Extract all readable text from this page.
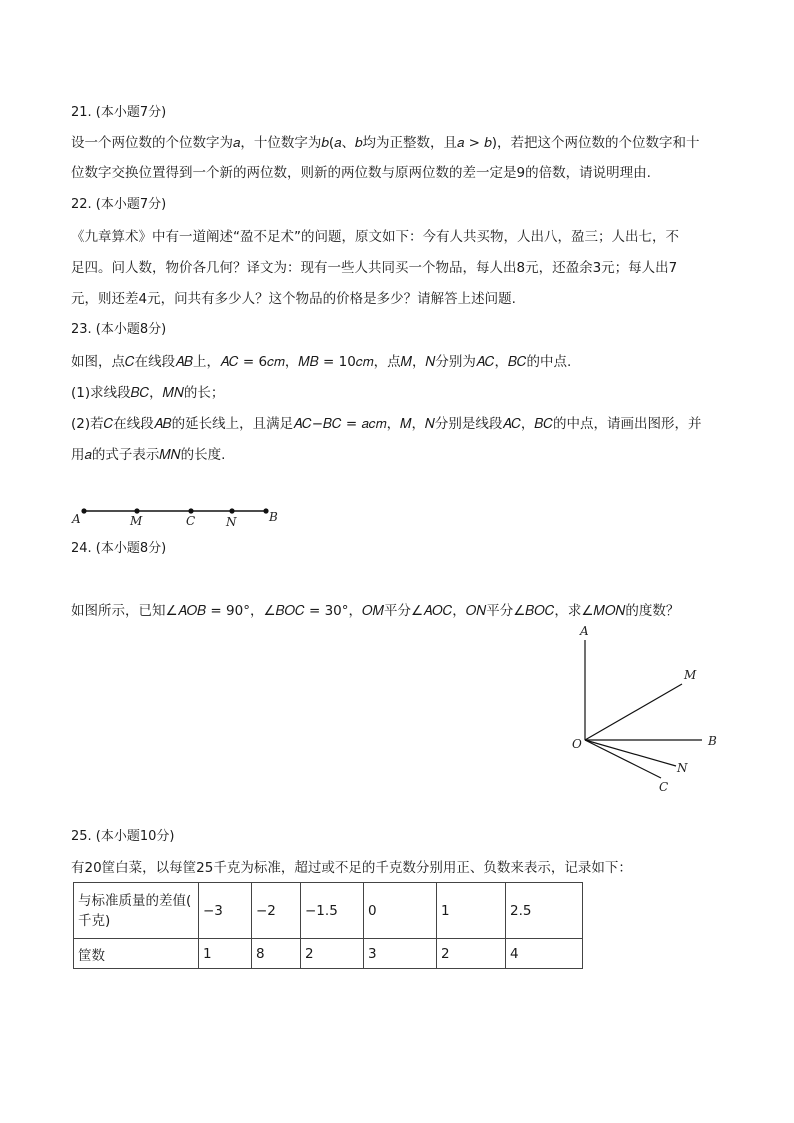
21. (本小题7分)
设一个两位数的个位数字为𝑎，十位数字为𝑏(𝑎、𝑏均为正整数，且𝑎 > 𝑏)，若把这个两位数的个位数字和十
位数字交换位置得到一个新的两位数，则新的两位数与原两位数的差一定是9的倍数，请说明理由.
22. (本小题7分)
《九章算术》中有一道阐述“盈不足术”的问题，原文如下：今有人共买物，人出八，盈三；人出七，不
足四。问人数，物价各几何？译文为：现有一些人共同买一个物品，每人出8元，还盈余3元；每人出7
元，则还差4元，问共有多少人？这个物品的价格是多少？请解答上述问题.
23. (本小题8分)
如图，点𝐶在线段𝐴𝐵上，𝐴𝐶 = 6𝑐𝑚，𝑀𝐵 = 10𝑐𝑚，点𝑀，𝑁分别为𝐴𝐶，𝐵𝐶的中点.
(1)求线段𝐵𝐶，𝑀𝑁的长；
(2)若𝐶在线段𝐴𝐵的延长线上，且满足𝐴𝐶−𝐵𝐶 = 𝑎𝑐𝑚，𝑀，𝑁分别是线段𝐴𝐶，𝐵𝐶的中点，请画出图形，并
用𝑎的式子表示𝑀𝑁的长度.
A	M	C	N	B
24. (本小题8分)
如图所示，已知∠𝐴𝑂𝐵 = 90°，∠𝐵𝑂𝐶 = 30°，𝑂𝑀平分∠𝐴𝑂𝐶，𝑂𝑁平分∠𝐵𝑂𝐶，求∠𝑀𝑂𝑁的度数？
A
M
O	B
N
C
25. (本小题10分)
有20筐白菜，以每筐25千克为标准，超过或不足的千克数分别用正、负数来表示，记录如下：
与标准质量的差值(
千克)	−3	−2	−1.5	0	1	2.5
筐数	1	8	2	3	2	4
